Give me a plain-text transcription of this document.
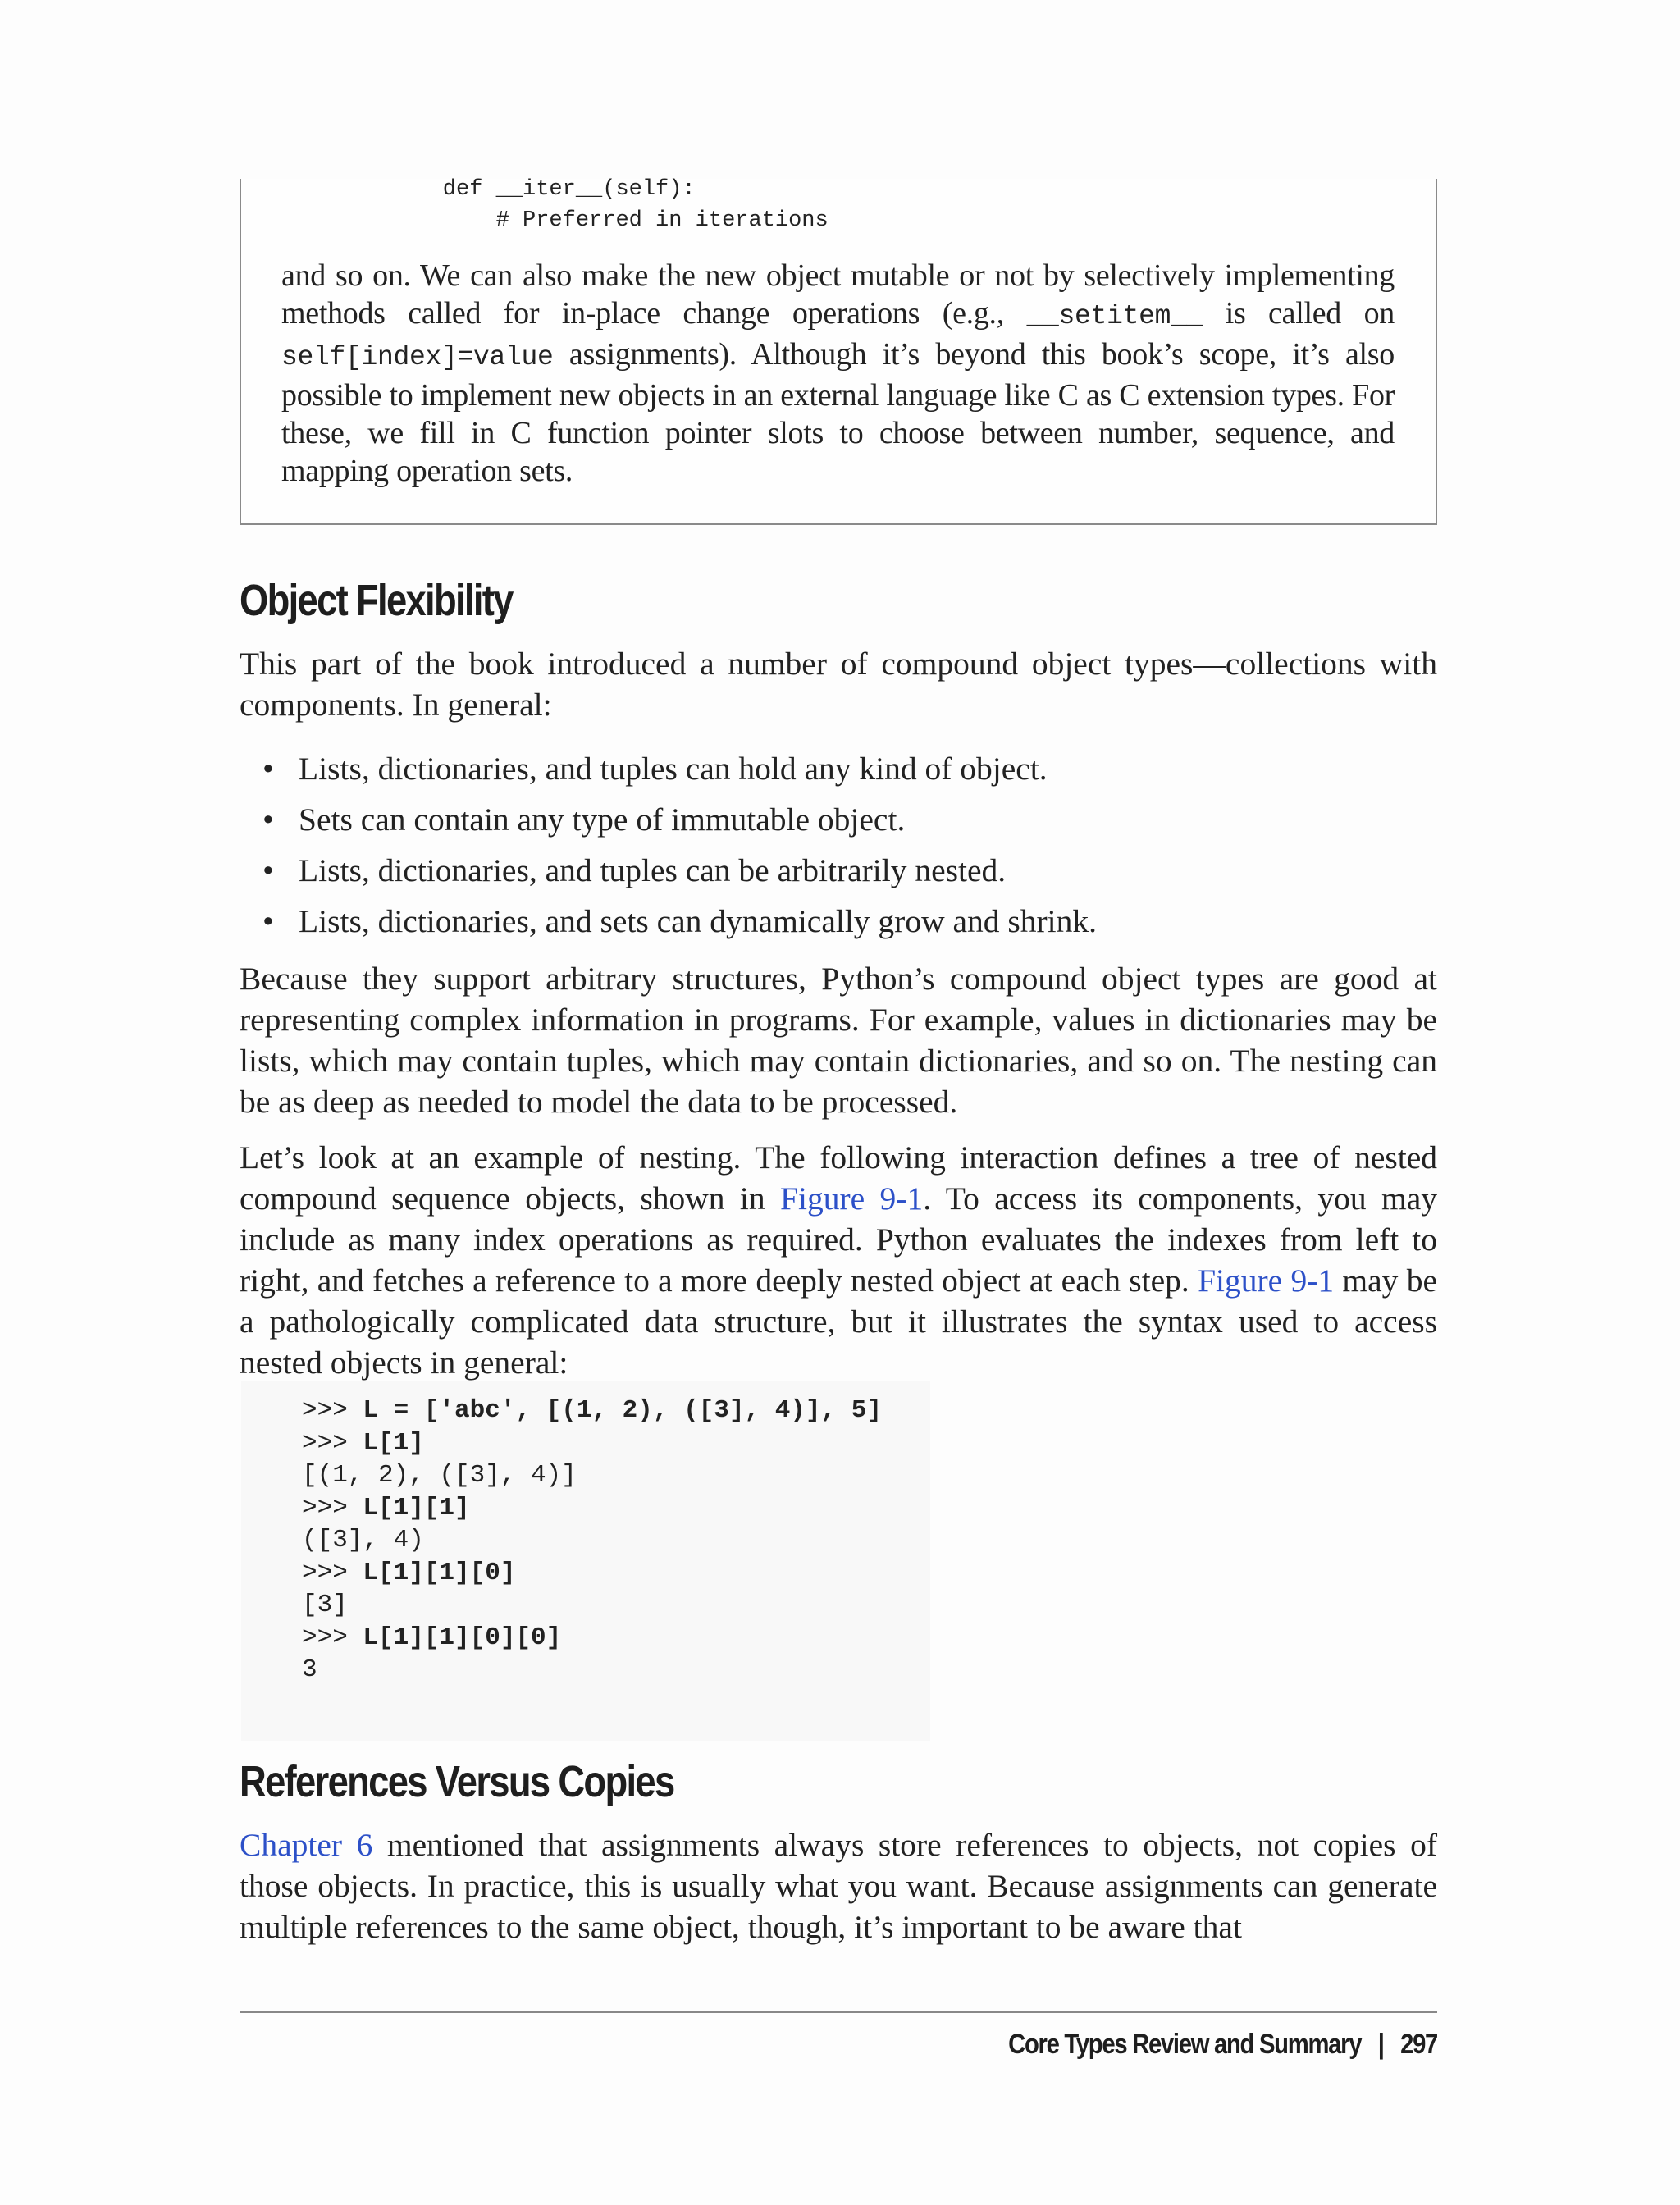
def __iter__(self):
# Preferred in iterations
and so on. We can also make the new object mutable or not by selectively implementing methods called for in-place change operations (e.g., __setitem__ is called on self[index]=value assignments). Although it’s beyond this book’s scope, it’s also possible to implement new objects in an external language like C as C extension types. For these, we fill in C function pointer slots to choose between number, sequence, and mapping operation sets.
Object Flexibility
This part of the book introduced a number of compound object types—collections with components. In general:
• Lists, dictionaries, and tuples can hold any kind of object.
• Sets can contain any type of immutable object.
• Lists, dictionaries, and tuples can be arbitrarily nested.
• Lists, dictionaries, and sets can dynamically grow and shrink.
Because they support arbitrary structures, Python’s compound object types are good at representing complex information in programs. For example, values in dictionaries may be lists, which may contain tuples, which may contain dictionaries, and so on. The nesting can be as deep as needed to model the data to be processed.
Let’s look at an example of nesting. The following interaction defines a tree of nested compound sequence objects, shown in Figure 9-1. To access its components, you may include as many index operations as required. Python evaluates the indexes from left to right, and fetches a reference to a more deeply nested object at each step. Figure 9-1 may be a pathologically complicated data structure, but it illustrates the syntax used to access nested objects in general:
>>> L = ['abc', [(1, 2), ([3], 4)], 5]
>>> L[1]
[(1, 2), ([3], 4)]
>>> L[1][1]
([3], 4)
>>> L[1][1][0]
[3]
>>> L[1][1][0][0]
3
References Versus Copies
Chapter 6 mentioned that assignments always store references to objects, not copies of those objects. In practice, this is usually what you want. Because assignments can generate multiple references to the same object, though, it’s important to be aware that
Core Types Review and Summary | 297
